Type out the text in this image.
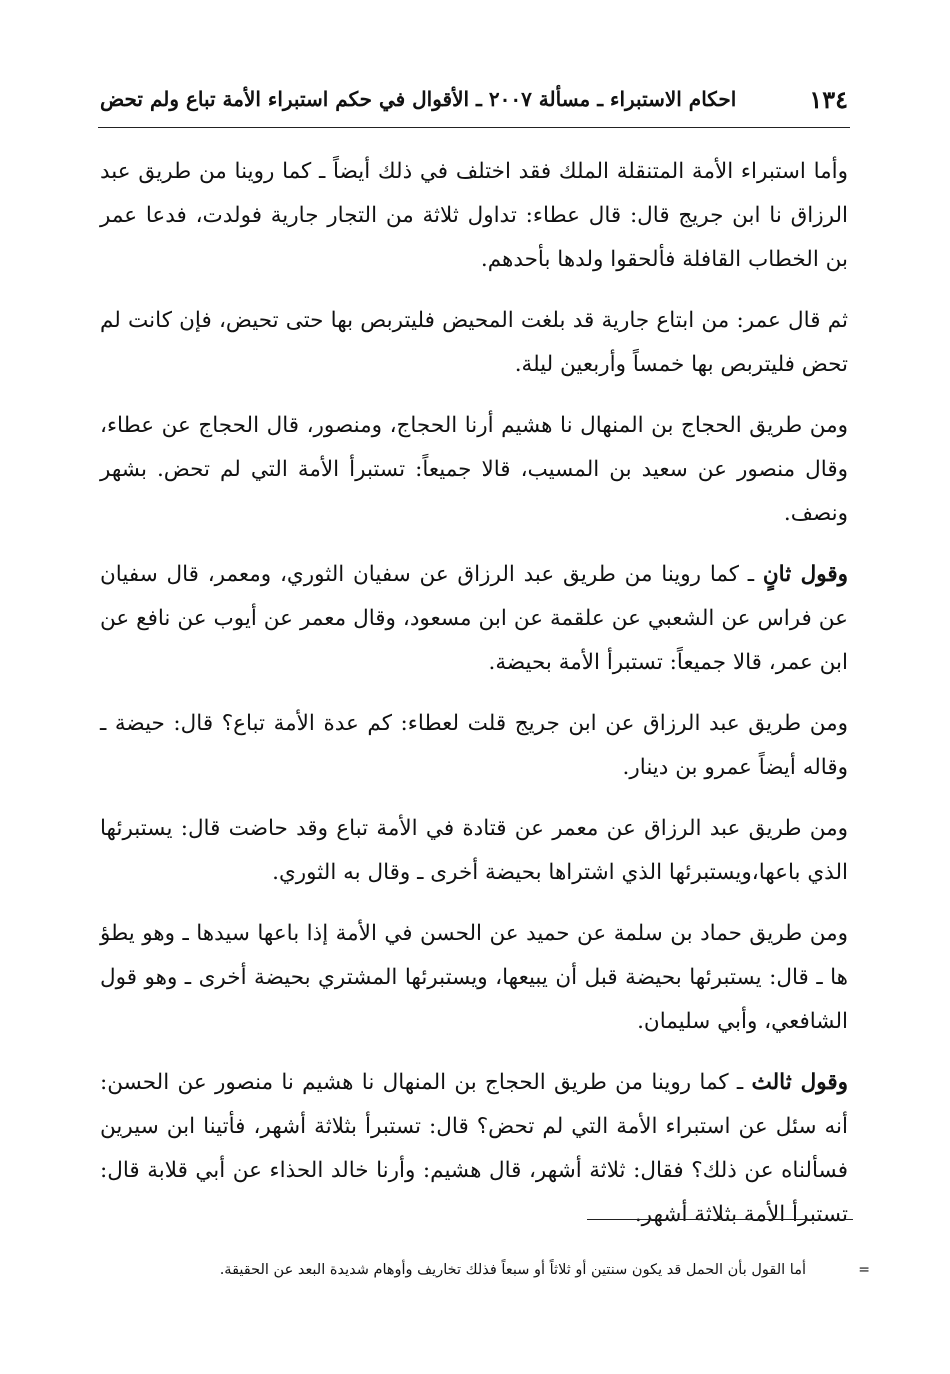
١٣٤
احكام الاستبراء ـ مسألة ٢٠٠٧ ـ الأقوال في حكم استبراء الأمة تباع ولم تحض

وأما استبراء الأمة المتنقلة الملك فقد اختلف في ذلك أيضاً ـ كما روينا من طريق عبد الرزاق نا ابن جريج قال: قال عطاء: تداول ثلاثة من التجار جارية فولدت، فدعا عمر بن الخطاب القافلة فألحقوا ولدها بأحدهم.

ثم قال عمر: من ابتاع جارية قد بلغت المحيض فليتربص بها حتى تحيض، فإن كانت لم تحض فليتربص بها خمساً وأربعين ليلة.

ومن طريق الحجاج بن المنهال نا هشيم أرنا الحجاج، ومنصور، قال الحجاج عن عطاء، وقال منصور عن سعيد بن المسيب، قالا جميعاً: تستبرأ الأمة التي لم تحض. بشهر ونصف.

وقول ثانٍ ـ كما روينا من طريق عبد الرزاق عن سفيان الثوري، ومعمر، قال سفيان عن فراس عن الشعبي عن علقمة عن ابن مسعود، وقال معمر عن أيوب عن نافع عن ابن عمر، قالا جميعاً: تستبرأ الأمة بحيضة.

ومن طريق عبد الرزاق عن ابن جريج قلت لعطاء: كم عدة الأمة تباع؟ قال: حيضة ـ وقاله أيضاً عمرو بن دينار.

ومن طريق عبد الرزاق عن معمر عن قتادة في الأمة تباع وقد حاضت قال: يستبرئها الذي باعها،ويستبرئها الذي اشتراها بحيضة أخرى ـ وقال به الثوري.

ومن طريق حماد بن سلمة عن حميد عن الحسن في الأمة إذا باعها سيدها ـ وهو يطؤ ها ـ قال: يستبرئها بحيضة قبل أن يبيعها، ويستبرئها المشتري بحيضة أخرى ـ وهو قول الشافعي، وأبي سليمان.

وقول ثالث ـ كما روينا من طريق الحجاج بن المنهال نا هشيم نا منصور عن الحسن: أنه سئل عن استبراء الأمة التي لم تحض؟ قال: تستبرأ بثلاثة أشهر، فأتينا ابن سيرين فسألناه عن ذلك؟ فقال: ثلاثة أشهر، قال هشيم: وأرنا خالد الحذاء عن أبي قلابة قال: تستبرأ الأمة بثلاثة أشهر.

=
أما القول بأن الحمل قد يكون سنتين أو ثلاثاً أو سبعاً فذلك تخاريف وأوهام شديدة البعد عن الحقيقة.
